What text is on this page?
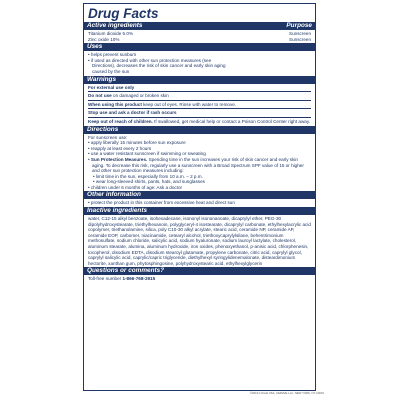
Drug Facts
Active ingredients	Purpose
Titanium dioxide 5.0%	Sunscreen
Zinc oxide 10%	Sunscreen
Uses
• helps prevent sunburn
• if used as directed with other sun protection measures (see
Directions), decreases the risk of skin cancer and early skin aging
caused by the sun
Warnings
For external use only
Do not use on damaged or broken skin
When using this product keep out of eyes. Rinse with water to remove.
Stop use and ask a doctor if rash occurs
Keep out of reach of children. If swallowed, get medical help or contact a Poison Control Center right away.
Directions
For sunscreen use:
• apply liberally 15 minutes before sun exposure
• reapply at least every 2 hours
• use a water resistant sunscreen if swimming or sweating
• Sun Protection Measures. Spending time in the sun increases your risk of skin cancer and early skin aging. To decrease this risk, regularly use a sunscreen with a Broad Spectrum SPF value of 15 or higher and other sun protection measures including:
• limit time in the sun, especially from 10 a.m. – 2 p.m.
• wear long-sleeved shirts, pants, hats, and sunglasses
• children under 6 months of age: Ask a doctor
Other information
• protect the product in this container from excessive heat and direct sun
Inactive ingredients
water, C12-15 alkyl benzoate, isohexadecane, isononyl isononanoate, dicaprylyl ether, PEG-30 dipolyhydroxystearate, triethylhexanoin, polyglyceryl-4 isostearate, dicaprylyl carbonate, ethylhexylacrylic acid copolymer, triethanolamine, silica, poly C10-30 alkyl acrylate, stearic acid, ceramide NP, ceramide AP, ceramide EOP, carbomer, niacinamide, cetearyl alcohol, triethoxycaprylylsilane, behentrimonium methosulfate, sodium chloride, salicylic acid, sodium hyaluronate, sodium lauroyl lactylate, cholesterol, aluminum stearate, alumina, aluminum hydroxide, iron oxides, phenoxyethanol, p-anisic acid, chlorphenesin, tocopherol, disodium EDTA, disodium stearoyl glutamate, propylene carbonate, citric acid, caprylyl glycol, caprylyl salicylic acid, caprylic/capric triglyceride, diethylhexyl syringylidenemalonate, disteardimonium hectorite, xanthan gum, phytosphingosine, polyhydroxystearic acid, ethylhexylglycerin
Questions or comments?
Toll-free number 1-866-768-2915
©2019 L'Oréal USA, CERAVE LLC, NEW YORK, NY 10001
